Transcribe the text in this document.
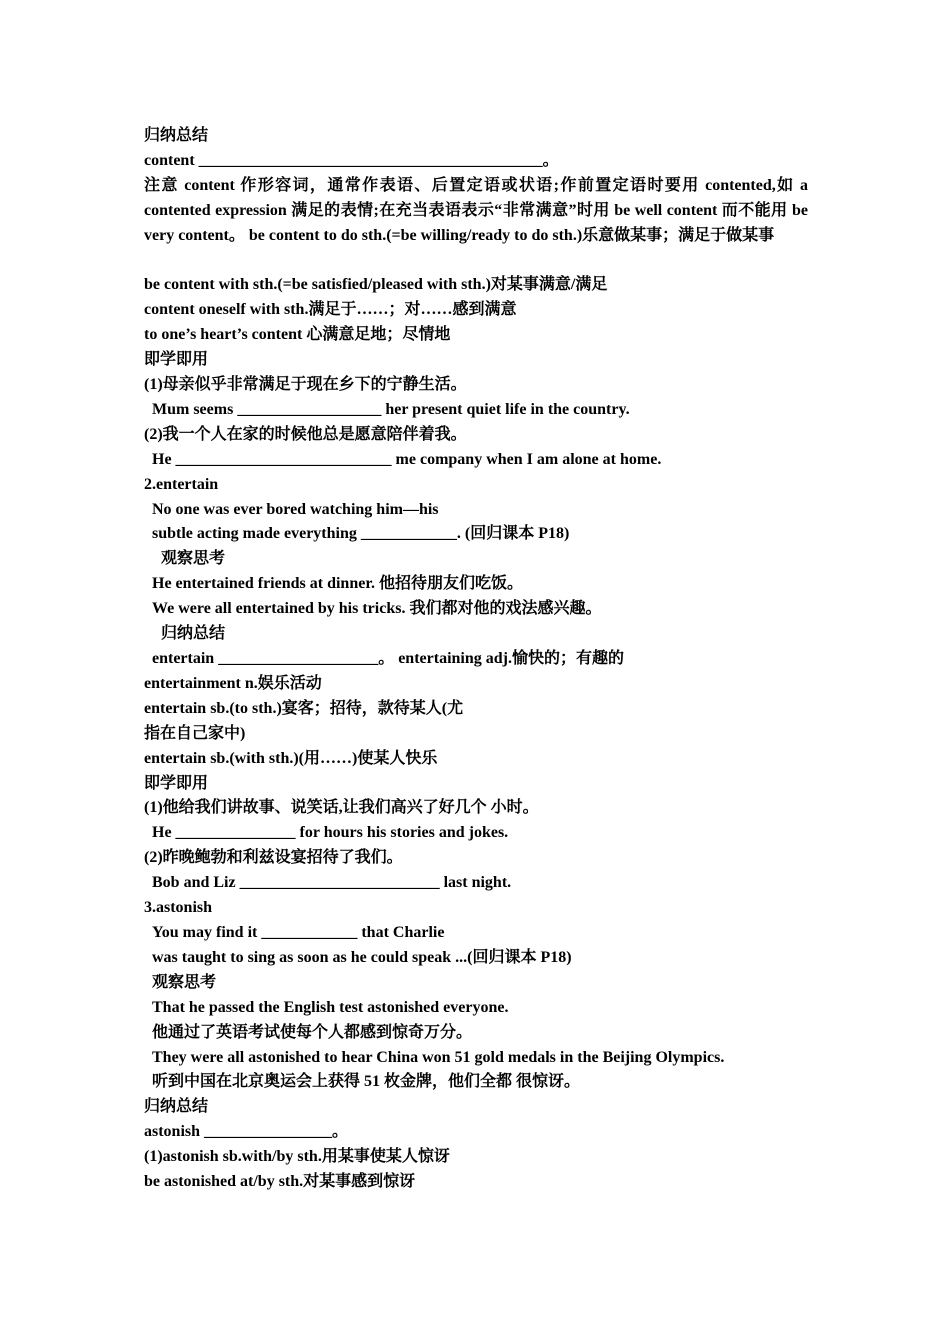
归纳总结
content ___________________________________________。
注意 content 作形容词，通常作表语、后置定语或状语;作前置定语时要用 contented,如 a contented expression 满足的表情;在充当表语表示“非常满意”时用 be well content 而不能用 be very content。 be content to do sth.(=be willing/ready to do sth.)乐意做某事；满足于做某事
be content with sth.(=be satisfied/pleased with sth.)对某事满意/满足
content oneself with sth.满足于……；对……感到满意
to one’s heart’s content 心满意足地；尽情地
即学即用
(1)母亲似乎非常满足于现在乡下的宁静生活。
Mum seems __________________ her present quiet life in the country.
(2)我一个人在家的时候他总是愿意陪伴着我。
He ___________________________ me company when I am alone at home.
2.entertain
No one was ever bored watching him—his
subtle acting made everything ____________. (回归课本 P18)
观察思考
He entertained friends at dinner. 他招待朋友们吃饭。
We were all entertained by his tricks. 我们都对他的戏法感兴趣。
归纳总结
entertain ____________________。 entertaining adj.愉快的；有趣的
entertainment n.娱乐活动
entertain sb.(to sth.)宴客；招待，款待某人(尤
指在自己家中)
entertain sb.(with sth.)(用……)使某人快乐
即学即用
(1)他给我们讲故事、说笑话,让我们高兴了好几个 小时。
He _______________ for hours his stories and jokes.
(2)昨晚鲍勃和利兹设宴招待了我们。
Bob and Liz _________________________ last night.
3.astonish
You may find it ____________ that Charlie
was taught to sing as soon as he could speak ...(回归课本 P18)
观察思考
That he passed the English test astonished everyone.
他通过了英语考试使每个人都感到惊奇万分。
They were all astonished to hear China won 51 gold medals in the Beijing Olympics.
听到中国在北京奥运会上获得 51 枚金牌，他们全都 很惊讶。
归纳总结
astonish ________________。
(1)astonish sb.with/by sth.用某事使某人惊讶
be astonished at/by sth.对某事感到惊讶
